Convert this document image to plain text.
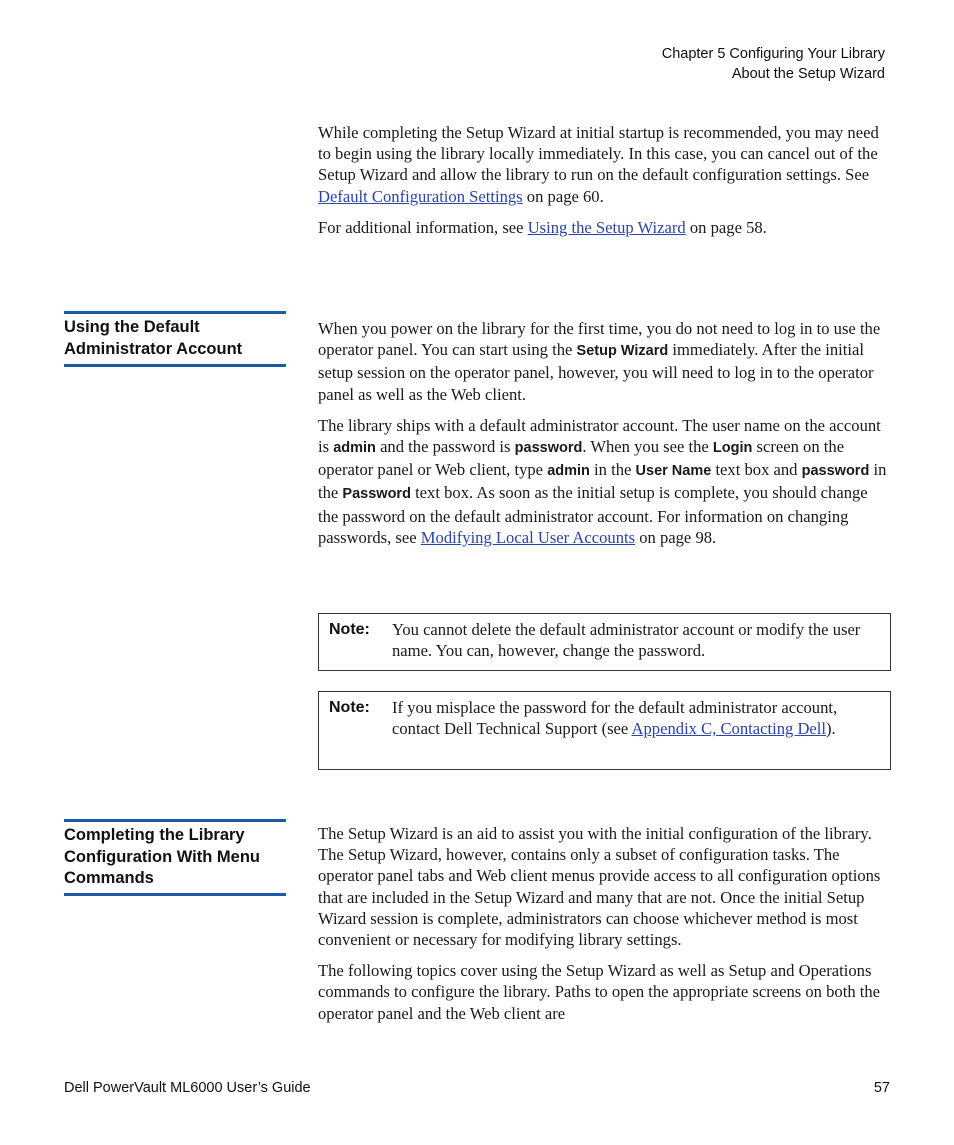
Chapter 5 Configuring Your Library
About the Setup Wizard

While completing the Setup Wizard at initial startup is recommended, you may need to begin using the library locally immediately. In this case, you can cancel out of the Setup Wizard and allow the library to run on the default configuration settings. See Default Configuration Settings on page 60.

For additional information, see Using the Setup Wizard on page 58.

Using the Default
Administrator Account

When you power on the library for the first time, you do not need to log in to use the operator panel. You can start using the Setup Wizard immediately. After the initial setup session on the operator panel, however, you will need to log in to the operator panel as well as the Web client.

The library ships with a default administrator account. The user name on the account is admin and the password is password. When you see the Login screen on the operator panel or Web client, type admin in the User Name text box and password in the Password text box. As soon as the initial setup is complete, you should change the password on the default administrator account. For information on changing passwords, see Modifying Local User Accounts on page 98.

Note: You cannot delete the default administrator account or modify the user name. You can, however, change the password.
Note: If you misplace the password for the default administrator account, contact Dell Technical Support (see Appendix C, Contacting Dell).
Completing the Library
Configuration With Menu
Commands

The Setup Wizard is an aid to assist you with the initial configuration of the library. The Setup Wizard, however, contains only a subset of configuration tasks. The operator panel tabs and Web client menus provide access to all configuration options that are included in the Setup Wizard and many that are not. Once the initial Setup Wizard session is complete, administrators can choose whichever method is most convenient or necessary for modifying library settings.

The following topics cover using the Setup Wizard as well as Setup and Operations commands to configure the library. Paths to open the appropriate screens on both the operator panel and the Web client are

Dell PowerVault ML6000 User’s Guide	57
